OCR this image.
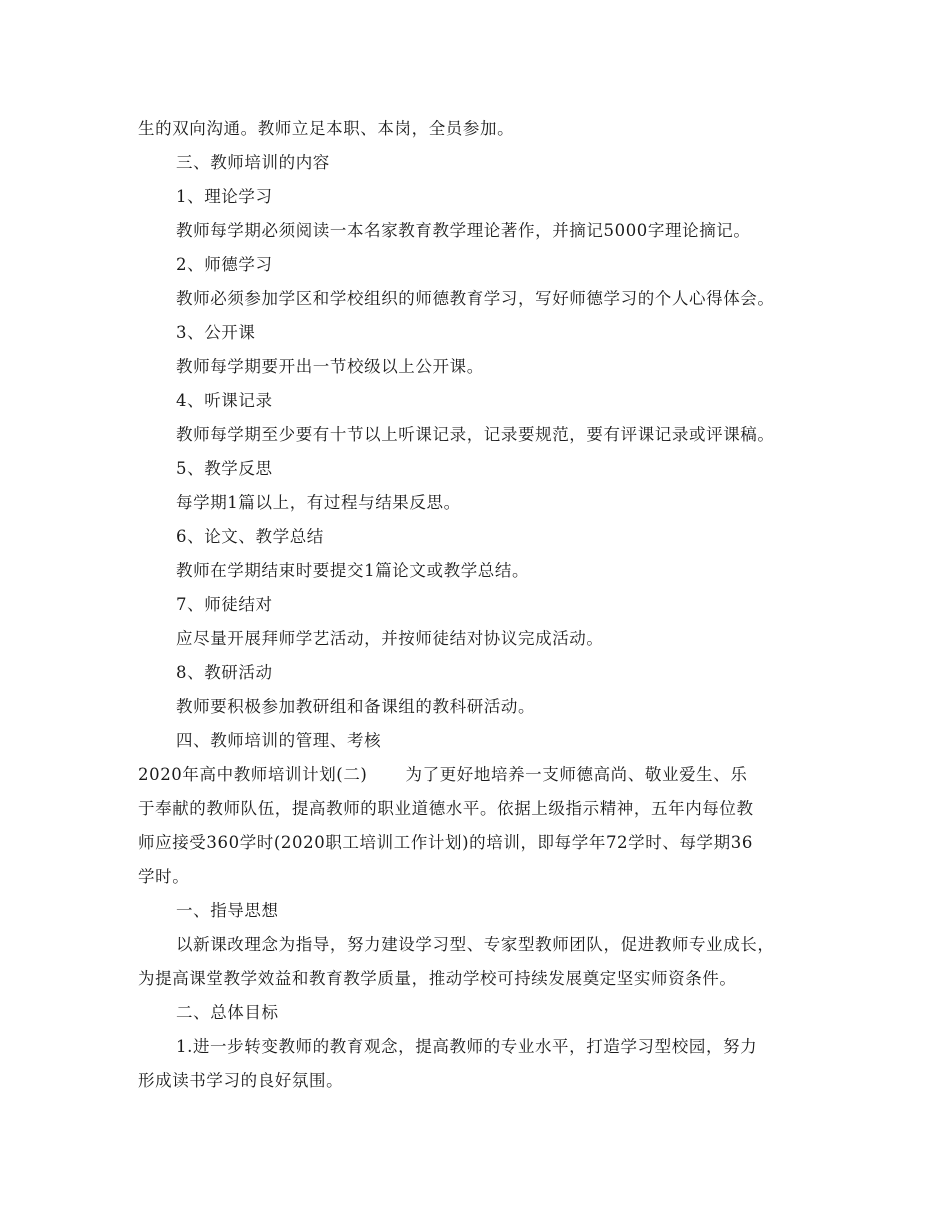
生的双向沟通。教师立足本职、本岗，全员参加。
三、教师培训的内容
1、理论学习
教师每学期必须阅读一本名家教育教学理论著作，并摘记5000字理论摘记。
2、师德学习
教师必须参加学区和学校组织的师德教育学习，写好师德学习的个人心得体会。
3、公开课
教师每学期要开出一节校级以上公开课。
4、听课记录
教师每学期至少要有十节以上听课记录，记录要规范，要有评课记录或评课稿。
5、教学反思
每学期1篇以上，有过程与结果反思。
6、论文、教学总结
教师在学期结束时要提交1篇论文或教学总结。
7、师徒结对
应尽量开展拜师学艺活动，并按师徒结对协议完成活动。
8、教研活动
教师要积极参加教研组和备课组的教科研活动。
四、教师培训的管理、考核
2020年高中教师培训计划(二) 为了更好地培养一支师德高尚、敬业爱生、乐
于奉献的教师队伍，提高教师的职业道德水平。依据上级指示精神，五年内每位教
师应接受360学时(2020职工培训工作计划)的培训，即每学年72学时、每学期36
学时。
一、指导思想
以新课改理念为指导，努力建设学习型、专家型教师团队，促进教师专业成长，
为提高课堂教学效益和教育教学质量，推动学校可持续发展奠定坚实师资条件。
二、总体目标
1.进一步转变教师的教育观念，提高教师的专业水平，打造学习型校园，努力
形成读书学习的良好氛围。
